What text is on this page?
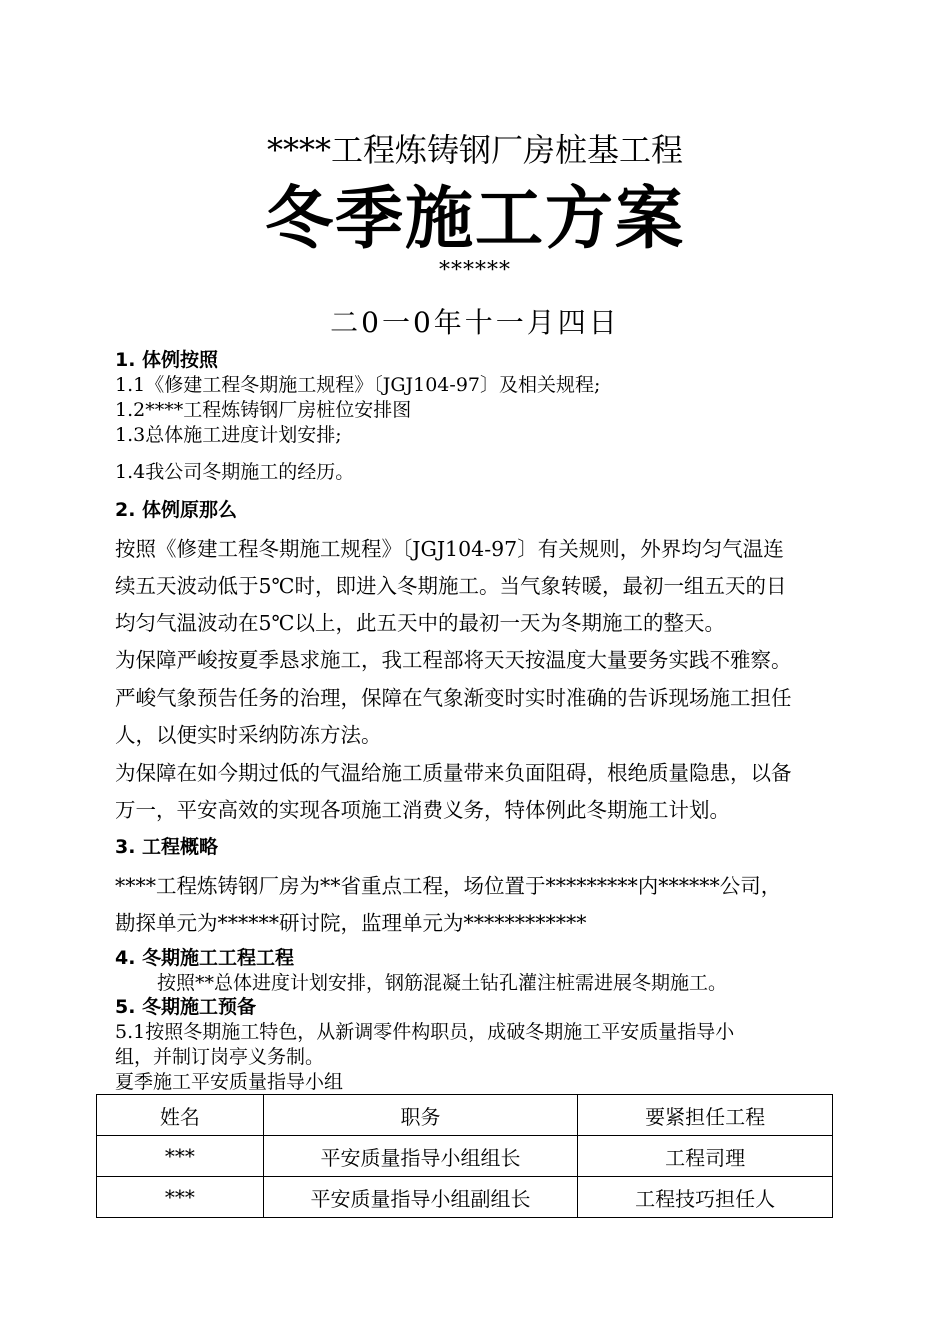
****工程炼铸钢厂房桩基工程
冬季施工方案
******
二0一0年十一月四日
1. 体例按照
1.1《修建工程冬期施工规程》〔JGJ104-97〕及相关规程;
1.2****工程炼铸钢厂房桩位安排图
1.3总体施工进度计划安排;
1.4我公司冬期施工的经历。
2. 体例原那么
按照《修建工程冬期施工规程》〔JGJ104-97〕有关规则，外界均匀气温连
续五天波动低于5℃时，即进入冬期施工。当气象转暖，最初一组五天的日
均匀气温波动在5℃以上，此五天中的最初一天为冬期施工的整天。
为保障严峻按夏季恳求施工，我工程部将天天按温度大量要务实践不雅察。
严峻气象预告任务的治理，保障在气象渐变时实时准确的告诉现场施工担任
人，以便实时采纳防冻方法。
为保障在如今期过低的气温给施工质量带来负面阻碍，根绝质量隐患，以备
万一，平安高效的实现各项施工消费义务，特体例此冬期施工计划。
3. 工程概略
****工程炼铸钢厂房为**省重点工程，场位置于*********内******公司，
勘探单元为******研讨院，监理单元为************
4. 冬期施工工程工程
按照**总体进度计划安排，钢筋混凝土钻孔灌注桩需进展冬期施工。
5. 冬期施工预备
5.1按照冬期施工特色，从新调零件构职员，成破冬期施工平安质量指导小
组，并制订岗亭义务制。
夏季施工平安质量指导小组
姓名	职务	要紧担任工程
***	平安质量指导小组组长	工程司理
***	平安质量指导小组副组长	工程技巧担任人
